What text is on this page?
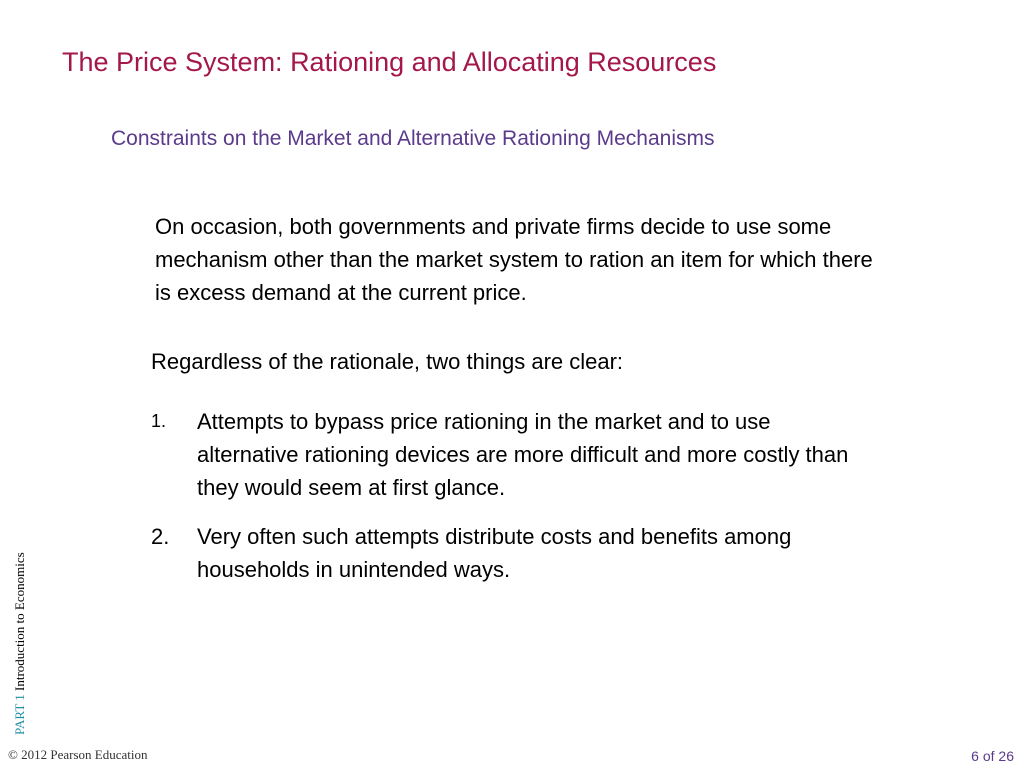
The Price System: Rationing and Allocating Resources
Constraints on the Market and Alternative Rationing Mechanisms
On occasion, both governments and private firms decide to use some mechanism other than the market system to ration an item for which there is excess demand at the current price.
Regardless of the rationale, two things are clear:
1.	Attempts to bypass price rationing in the market and to use alternative rationing devices are more difficult and more costly than they would seem at first glance.
2.	Very often such attempts distribute costs and benefits among households in unintended ways.
PART 1 Introduction to Economics
© 2012 Pearson Education	6 of 26
